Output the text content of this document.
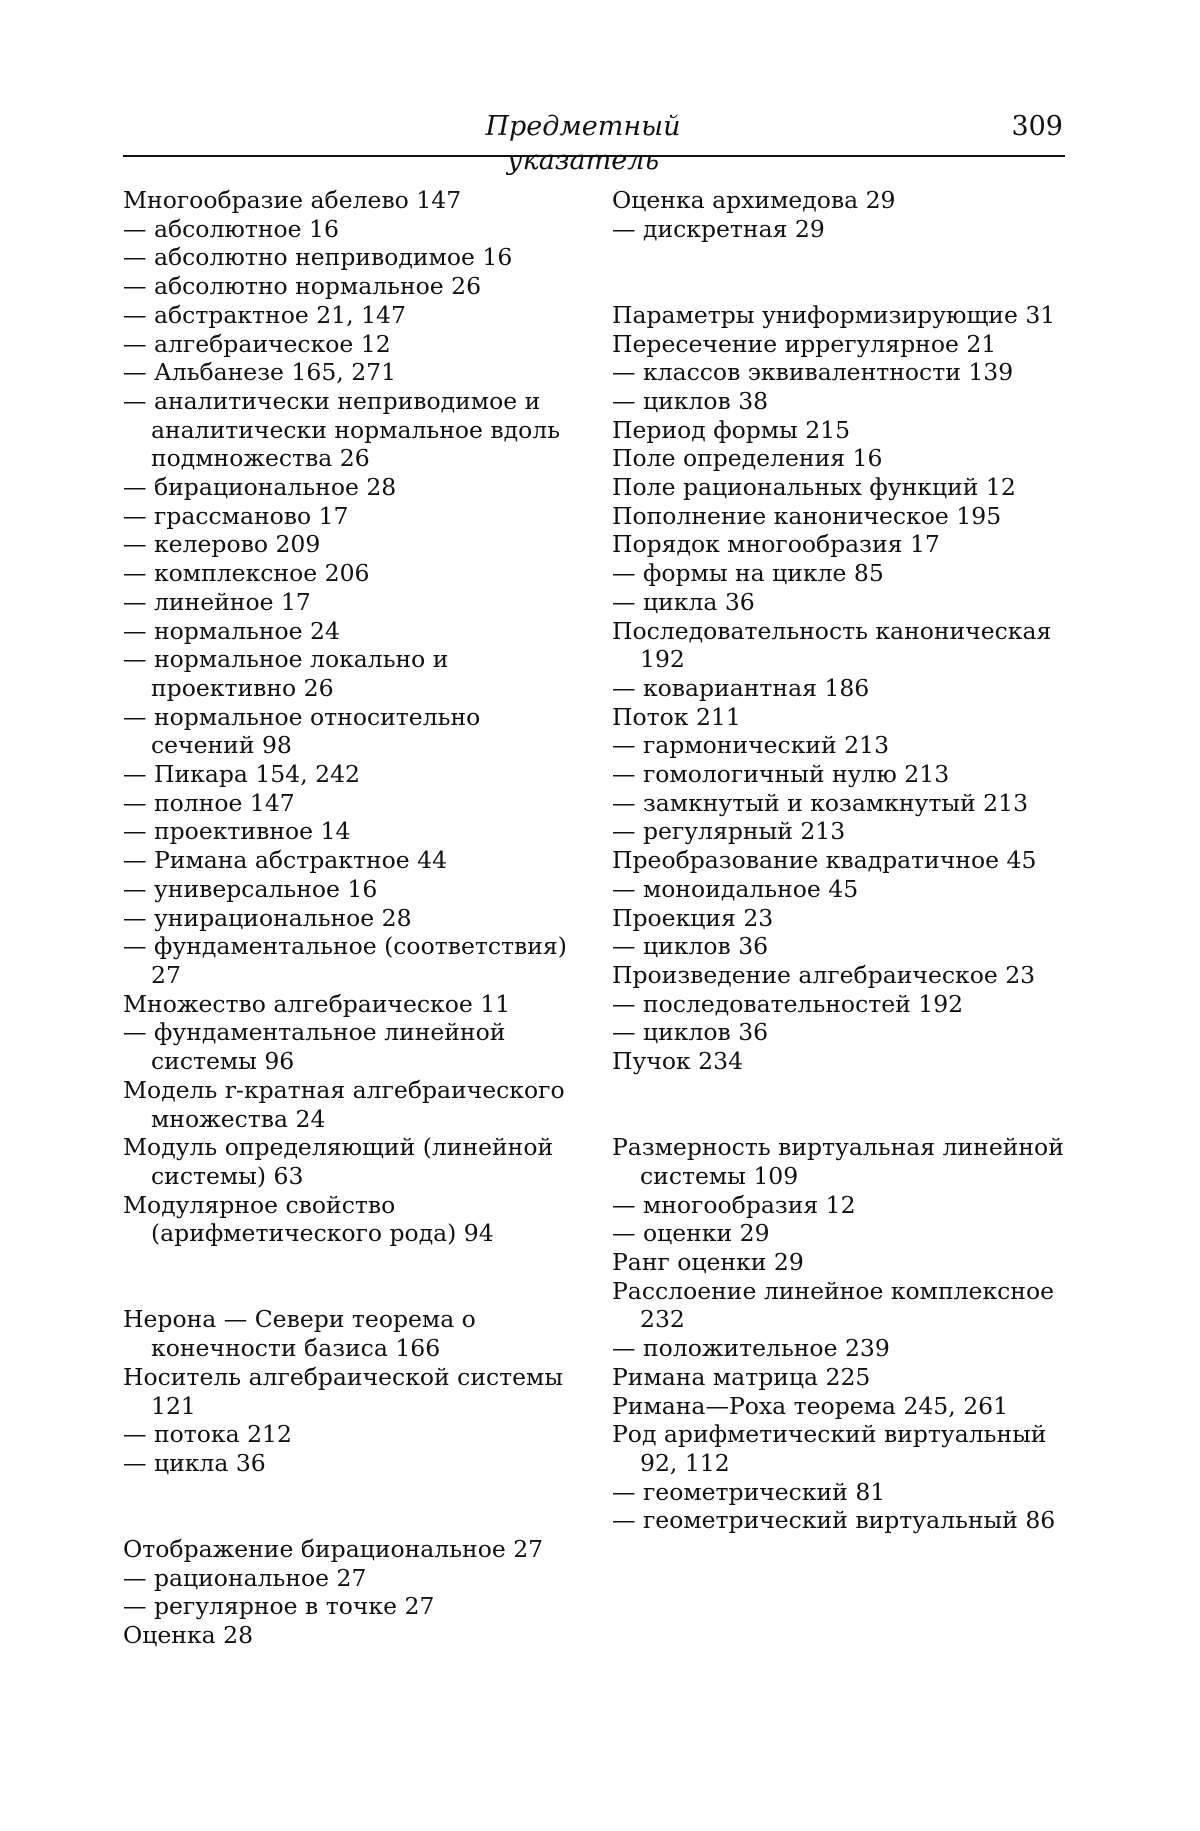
Предметный указатель
309
Многообразие абелево 147
— абсолютное 16
— абсолютно неприводимое 16
— абсолютно нормальное 26
— абстрактное 21, 147
— алгебраическое 12
— Альбанезе 165, 271
— аналитически неприводимое и аналитически нормальное вдоль подмножества 26
— бирациональное 28
— грассманово 17
— келерово 209
— комплексное 206
— линейное 17
— нормальное 24
— нормальное локально и проективно 26
— нормальное относительно сечений 98
— Пикара 154, 242
— полное 147
— проективное 14
— Римана абстрактное 44
— универсальное 16
— унирациональное 28
— фундаментальное (соответствия) 27
Множество алгебраическое 11
— фундаментальное линейной системы 96
Модель r-кратная алгебраического множества 24
Модуль определяющий (линейной системы) 63
Модулярное свойство (арифметического рода) 94
Нерона — Севери теорема о конечности базиса 166
Носитель алгебраической системы 121
— потока 212
— цикла 36
Отображение бирациональное 27
— рациональное 27
— регулярное в точке 27
Оценка 28
Оценка архимедова 29
— дискретная 29
Параметры униформизирующие 31
Пересечение иррегулярное 21
— классов эквивалентности 139
— циклов 38
Период формы 215
Поле определения 16
Поле рациональных функций 12
Пополнение каноническое 195
Порядок многообразия 17
— формы на цикле 85
— цикла 36
Последовательность каноническая 192
— ковариантная 186
Поток 211
— гармонический 213
— гомологичный нулю 213
— замкнутый и козамкнутый 213
— регулярный 213
Преобразование квадратичное 45
— моноидальное 45
Проекция 23
— циклов 36
Произведение алгебраическое 23
— последовательностей 192
— циклов 36
Пучок 234
Размерность виртуальная линейной системы 109
— многообразия 12
— оценки 29
Ранг оценки 29
Расслоение линейное комплексное 232
— положительное 239
Римана матрица 225
Римана—Роха теорема 245, 261
Род арифметический виртуальный 92, 112
— геометрический 81
— геометрический виртуальный 86
